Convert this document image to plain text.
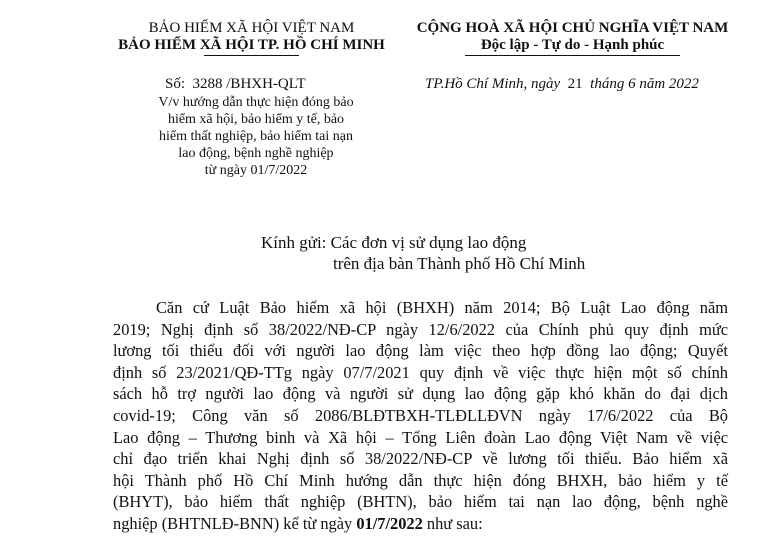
BẢO HIỂM XÃ HỘI VIỆT NAM
BẢO HIỂM XÃ HỘI TP. HỒ CHÍ MINH
CỘNG HOÀ XÃ HỘI CHỦ NGHĨA VIỆT NAM
Độc lập - Tự do - Hạnh phúc
Số: 3288 /BHXH-QLT
V/v hướng dẫn thực hiện đóng bảo
hiểm xã hội, bảo hiểm y tế, bảo
hiểm thất nghiệp, bảo hiểm tai nạn
lao động, bệnh nghề nghiệp
từ ngày 01/7/2022
TP.Hồ Chí Minh, ngày 21 tháng 6 năm 2022
Kính gửi: Các đơn vị sử dụng lao động
trên địa bàn Thành phố Hồ Chí Minh
Căn cứ Luật Bảo hiểm xã hội (BHXH) năm 2014; Bộ Luật Lao động năm
2019; Nghị định số 38/2022/NĐ-CP ngày 12/6/2022 của Chính phủ quy định mức
lương tối thiểu đối với người lao động làm việc theo hợp đồng lao động; Quyết
định số 23/2021/QĐ-TTg ngày 07/7/2021 quy định về việc thực hiện một số chính
sách hỗ trợ người lao động và người sử dụng lao động gặp khó khăn do đại dịch
covid-19; Công văn số 2086/BLĐTBXH-TLĐLLĐVN ngày 17/6/2022 của Bộ
Lao động – Thương binh và Xã hội – Tổng Liên đoàn Lao động Việt Nam về việc
chỉ đạo triển khai Nghị định số 38/2022/NĐ-CP về lương tối thiểu. Bảo hiểm xã
hội Thành phố Hồ Chí Minh hướng dẫn thực hiện đóng BHXH, bảo hiểm y tế
(BHYT), bảo hiểm thất nghiệp (BHTN), bảo hiểm tai nạn lao động, bệnh nghề
nghiệp (BHTNLĐ-BNN) kể từ ngày 01/7/2022 như sau:
